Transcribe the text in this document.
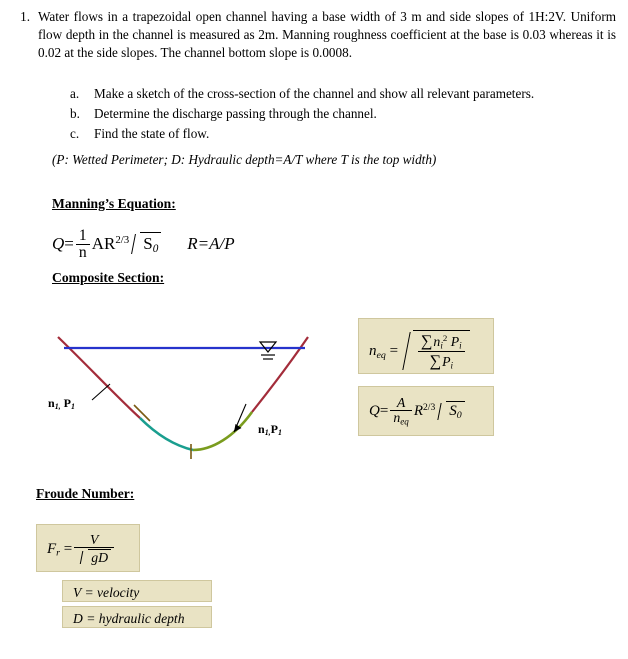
1. Water flows in a trapezoidal open channel having a base width of 3 m and side slopes of 1H:2V. Uniform flow depth in the channel is measured as 2m. Manning roughness coefficient at the base is 0.03 whereas it is 0.02 at the side slopes. The channel bottom slope is 0.0008.
a.	Make a sketch of the cross-section of the channel and show all relevant parameters.
b.	Determine the discharge passing through the channel.
c.	Find the state of flow.
(P: Wetted Perimeter; D: Hydraulic depth=A/T where T is the top width)
Manning’s Equation:
$Q= \frac{1}{n} AR^{2/3}$ $S_0$ R=A/P
Composite Section:
$n_{1,}$ $P_1$
$n_{1,}P_1$
$n_{eq} = \frac{\sum n_i^2 P_i}{\sum P_i}$
$Q= \frac{A}{n_{eq}} R^{2/3}$ $S_0$
Froude Number:
$F_r = \frac{V}{gD}$
V = velocity
D = hydraulic depth
